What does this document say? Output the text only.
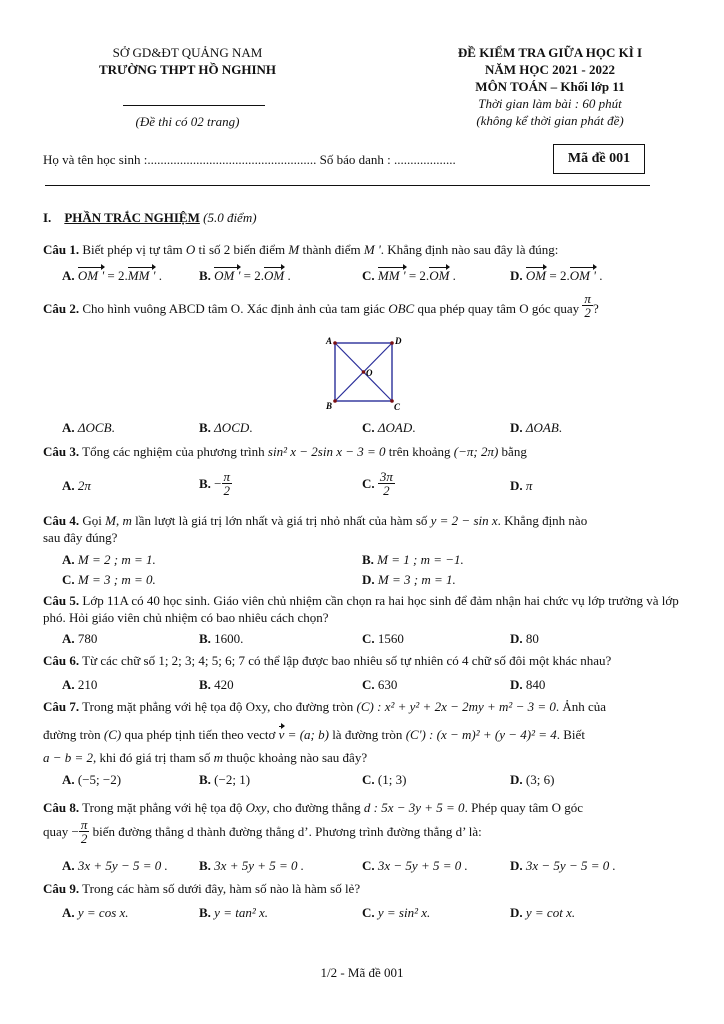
SỞ GD&ĐT QUẢNG NAM
TRƯỜNG THPT HỒ NGHINH
(Đề thi có 02 trang)
ĐỀ KIỂM TRA GIỮA HỌC KÌ I
NĂM HỌC 2021 - 2022
MÔN TOÁN – Khối lớp 11
Thời gian làm bài : 60 phút
(không kể thời gian phát đề)
Họ và tên học sinh :.................................................... Số báo danh : ...................	Mã đề 001
I. PHẦN TRẮC NGHIỆM (5.0 điểm)
Câu 1. Biết phép vị tự tâm O tỉ số 2 biến điểm M thành điểm M '. Khẳng định nào sau đây là đúng:
A. OM ' = 2.MM ' .	B. OM ' = 2.OM .	C. MM ' = 2.OM .	D. OM = 2.OM ' .
Câu 2. Cho hình vuông ABCD tâm O. Xác định ảnh của tam giác OBC qua phép quay tâm O góc quay $\frac{\pi}{2}$ ?
A	D
B	C
O
A. ΔOCB.	B. ΔOCD.	C. ΔOAD.	D. ΔOAB.
Câu 3. Tổng các nghiệm của phương trình sin² x − 2sin x − 3 = 0 trên khoảng (−π; 2π) bằng
A. 2π	B. − $\frac{\pi}{2}$	C. $\frac{3\pi}{2}$	D. π
Câu 4. Gọi M, m lần lượt là giá trị lớn nhất và giá trị nhỏ nhất của hàm số y = 2 − sin x. Khẳng định nào
sau đây đúng?
A. M = 2 ; m = 1.	B. M = 1 ; m = −1.
C. M = 3 ; m = 0.	D. M = 3 ; m = 1.
Câu 5. Lớp 11A có 40 học sinh. Giáo viên chủ nhiệm cần chọn ra hai học sinh để đảm nhận hai chức vụ lớp trưởng và lớp phó. Hỏi giáo viên chủ nhiệm có bao nhiêu cách chọn?
A. 780	B. 1600.	C. 1560	D. 80
Câu 6. Từ các chữ số 1; 2; 3; 4; 5; 6; 7 có thể lập được bao nhiêu số tự nhiên có 4 chữ số đôi một khác nhau?
A. 210	B. 420	C. 630	D. 840
Câu 7. Trong mặt phẳng với hệ tọa độ Oxy, cho đường tròn (C) : x² + y² + 2x − 2my + m² − 3 = 0. Ảnh của
đường tròn (C) qua phép tịnh tiến theo vectơ v = (a; b) là đường tròn (C') : (x − m)² + (y − 4)² = 4. Biết
a − b = 2, khi đó giá trị tham số m thuộc khoảng nào sau đây?
A. (−5; −2)	B. (−2; 1)	C. (1; 3)	D. (3; 6)
Câu 8. Trong mặt phẳng với hệ tọa độ Oxy, cho đường thẳng d : 5x − 3y + 5 = 0. Phép quay tâm O góc
quay − $\frac{\pi}{2}$ biến đường thẳng d thành đường thẳng d’. Phương trình đường thẳng d’ là:
A. 3x + 5y − 5 = 0 . B. 3x + 5y + 5 = 0 .	C. 3x − 5y + 5 = 0 .	D. 3x − 5y − 5 = 0 .
Câu 9. Trong các hàm số dưới đây, hàm số nào là hàm số lẻ?
A. y = cos x.	B. y = tan² x.	C. y = sin² x.	D. y = cot x.
1/2 - Mã đề 001
